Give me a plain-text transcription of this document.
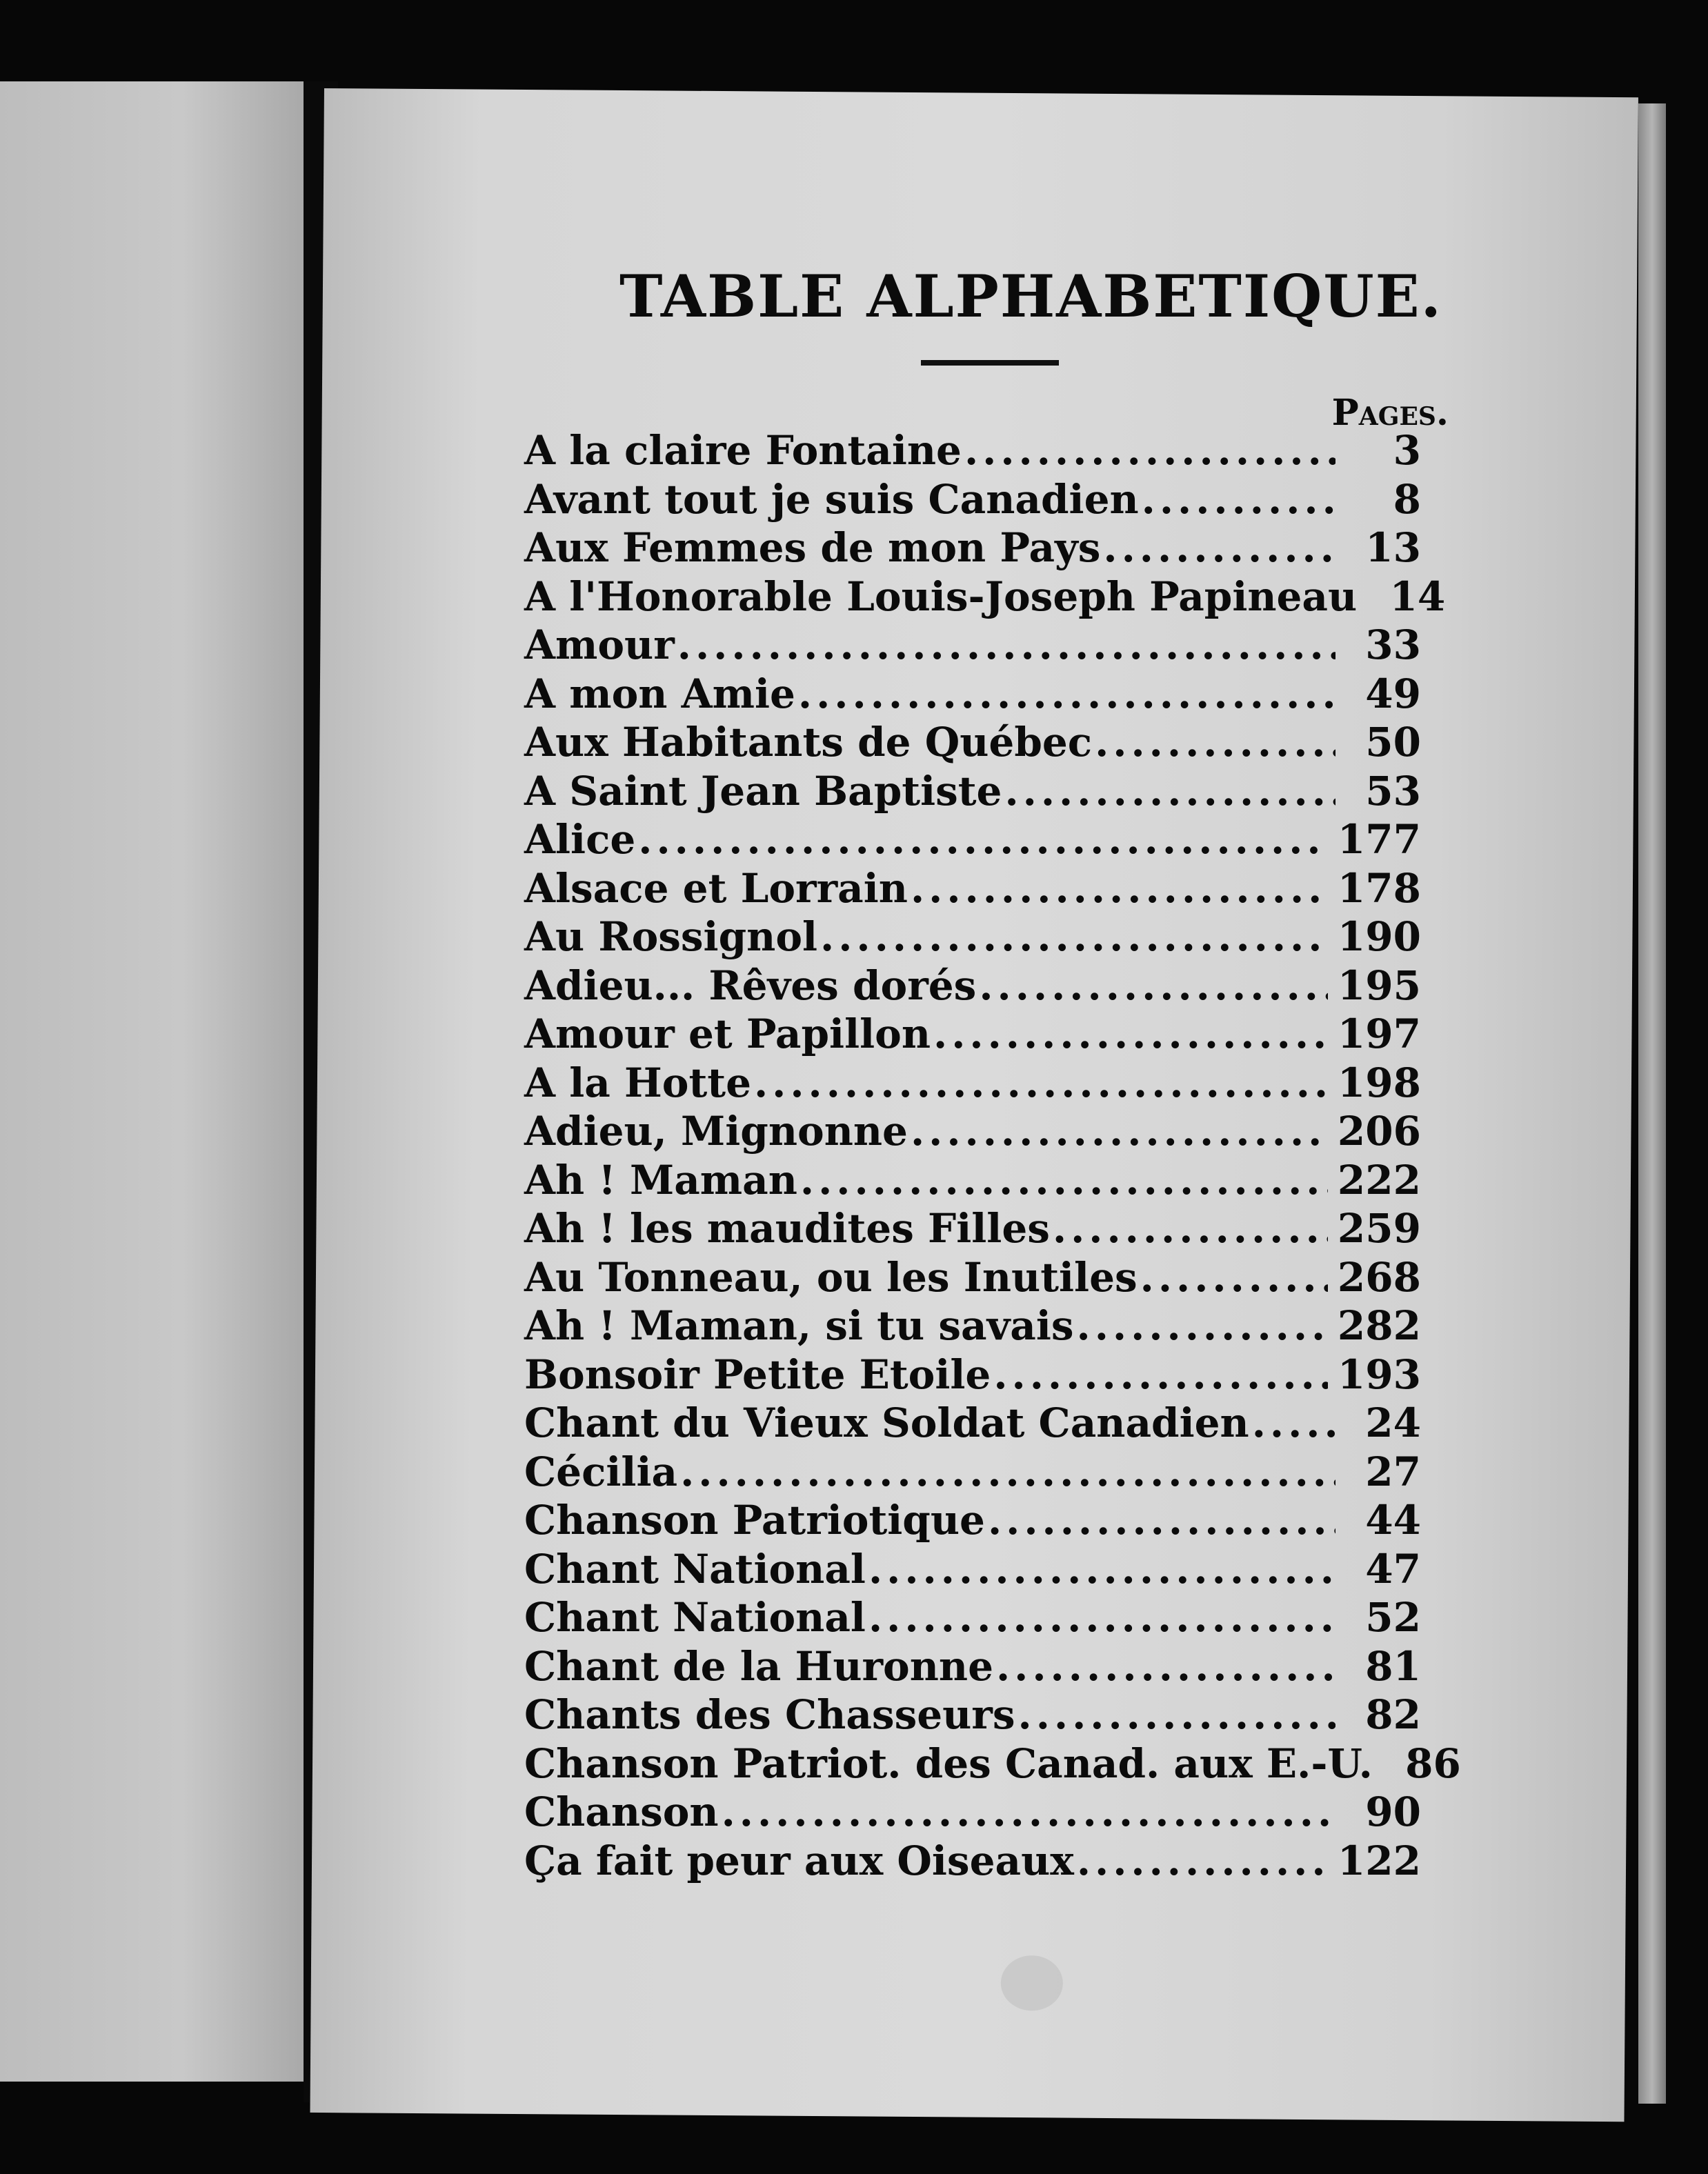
TABLE ALPHABETIQUE.
Pages.
A la claire Fontaine .....	3
Avant tout je suis Canadien .....	8
Aux Femmes de mon Pays .....	13
A l'Honorable Louis-Joseph Papineau 14
Amour .....	33
A mon Amie .....	49
Aux Habitants de Québec .....	50
A Saint Jean Baptiste .....	53
Alice .....	177
Alsace et Lorrain .....	178
Au Rossignol .....	190
Adieu... Rêves dorés .....	195
Amour et Papillon .....	197
A la Hotte .....	198
Adieu, Mignonne .....	206
Ah ! Maman .....	222
Ah ! les maudites Filles .....	259
Au Tonneau, ou les Inutiles .....	268
Ah ! Maman, si tu savais .....	282
Bonsoir Petite Etoile .....	193
Chant du Vieux Soldat Canadien .....	24
Cécilia .....	27
Chanson Patriotique .....	44
Chant National .....	47
Chant National .....	52
Chant de la Huronne .....	81
Chants des Chasseurs .....	82
Chanson Patriot. des Canad. aux E.-U. 86
Chanson .....	90
Ça fait peur aux Oiseaux .....	122
